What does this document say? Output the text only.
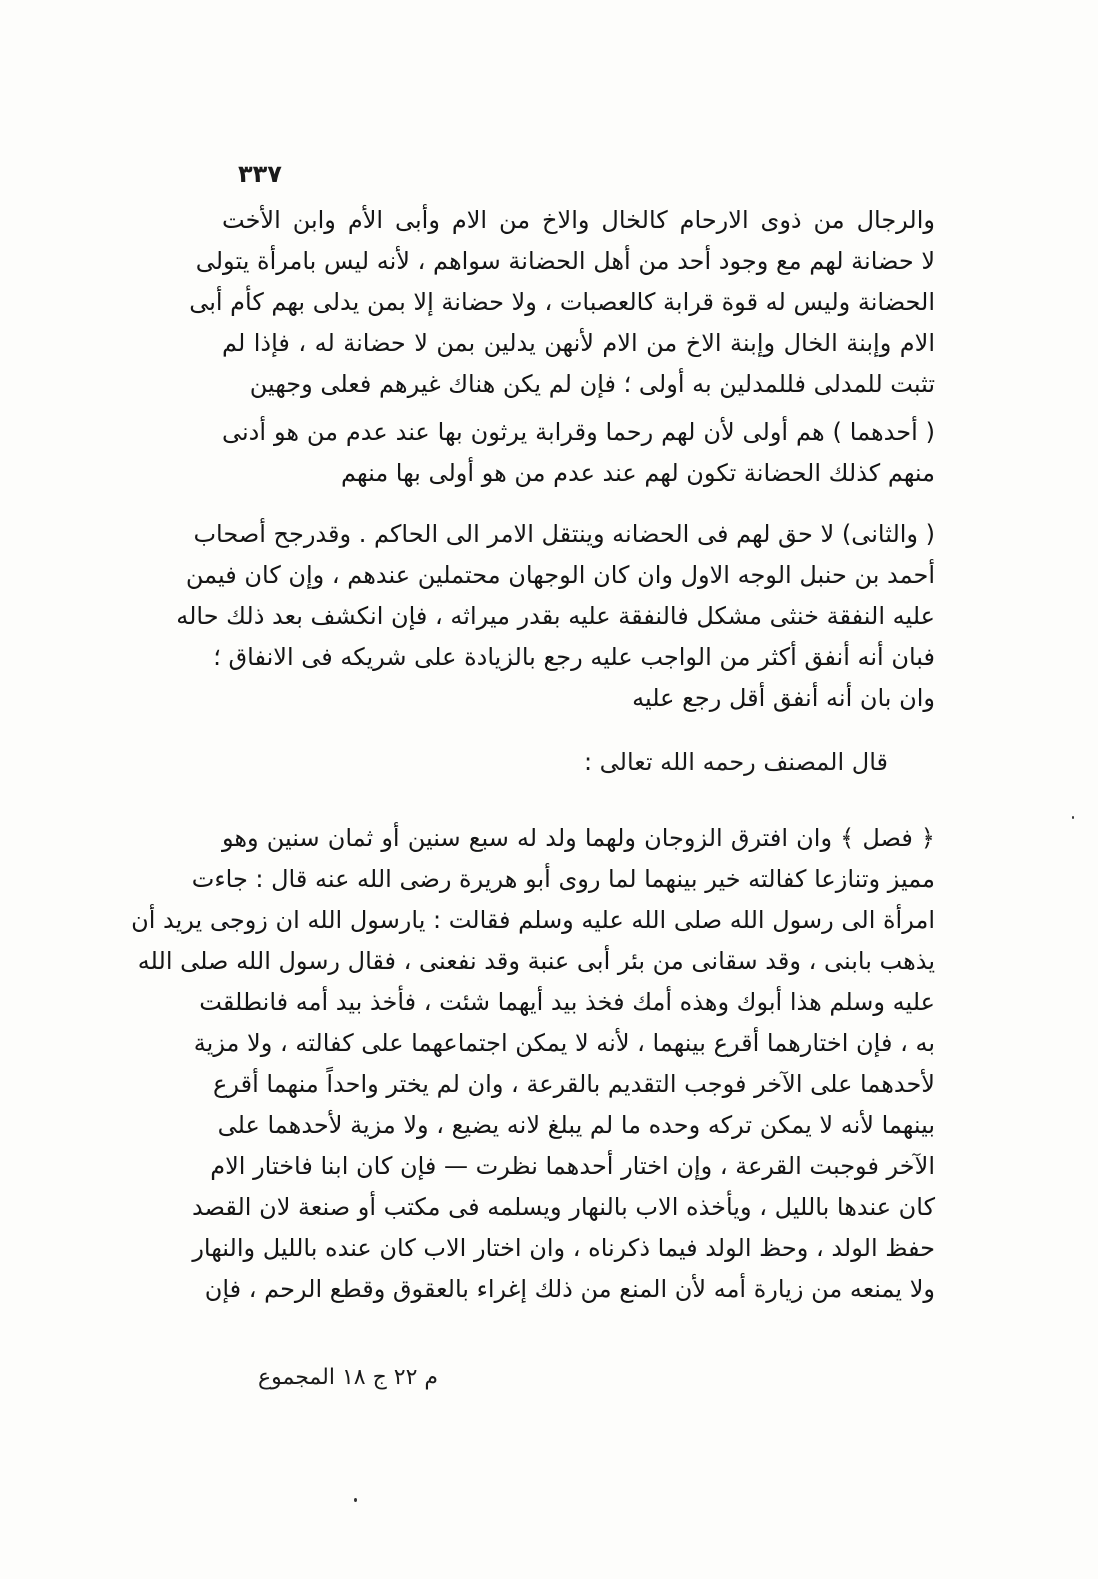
٣٣٧
والرجال من ذوى الارحام كالخال والاخ من الام وأبى الأم وابن الأخت
لا حضانة لهم مع وجود أحد من أهل الحضانة سواهم ، لأنه ليس بامرأة يتولى
الحضانة وليس له قوة قرابة كالعصبات ، ولا حضانة إلا بمن يدلى بهم كأم أبى
الام وإبنة الخال وإبنة الاخ من الام لأنهن يدلين بمن لا حضانة له ، فإذا لم
تثبت للمدلى فللمدلين به أولى ؛ فإن لم يكن هناك غيرهم فعلى وجهين
( أحدهما ) هم أولى لأن لهم رحما وقرابة يرثون بها عند عدم من هو أدنى
منهم كذلك الحضانة تكون لهم عند عدم من هو أولى بها منهم
( والثانى) لا حق لهم فى الحضانه وينتقل الامر الى الحاكم . وقدرجح أصحاب
أحمد بن حنبل الوجه الاول وان كان الوجهان محتملين عندهم ، وإن كان فيمن
عليه النفقة خنثى مشكل فالنفقة عليه بقدر ميراثه ، فإن انكشف بعد ذلك حاله
فبان أنه أنفق أكثر من الواجب عليه رجع بالزيادة على شريكه فى الانفاق ؛
وان بان أنه أنفق أقل رجع عليه
قال المصنف رحمه الله تعالى :
﴿ فصل ﴾ وان افترق الزوجان ولهما ولد له سبع سنين أو ثمان سنين وهو
مميز وتنازعا كفالته خير بينهما لما روى أبو هريرة رضى الله عنه قال : جاءت
امرأة الى رسول الله صلى الله عليه وسلم فقالت : يارسول الله ان زوجى يريد أن
يذهب بابنى ، وقد سقانى من بئر أبى عنبة وقد نفعنى ، فقال رسول الله صلى الله
عليه وسلم هذا أبوك وهذه أمك فخذ بيد أيهما شئت ، فأخذ بيد أمه فانطلقت
به ، فإن اختارهما أقرع بينهما ، لأنه لا يمكن اجتماعهما على كفالته ، ولا مزية
لأحدهما على الآخر فوجب التقديم بالقرعة ، وان لم يختر واحداً منهما أقرع
بينهما لأنه لا يمكن تركه وحده ما لم يبلغ لانه يضيع ، ولا مزية لأحدهما على
الآخر فوجبت القرعة ، وإن اختار أحدهما نظرت — فإن كان ابنا فاختار الام
كان عندها بالليل ، ويأخذه الاب بالنهار ويسلمه فى مكتب أو صنعة لان القصد
حفظ الولد ، وحظ الولد فيما ذكرناه ، وان اختار الاب كان عنده بالليل والنهار
ولا يمنعه من زيارة أمه لأن المنع من ذلك إغراء بالعقوق وقطع الرحم ، فإن
م ٢٢ ج ١٨ المجموع
